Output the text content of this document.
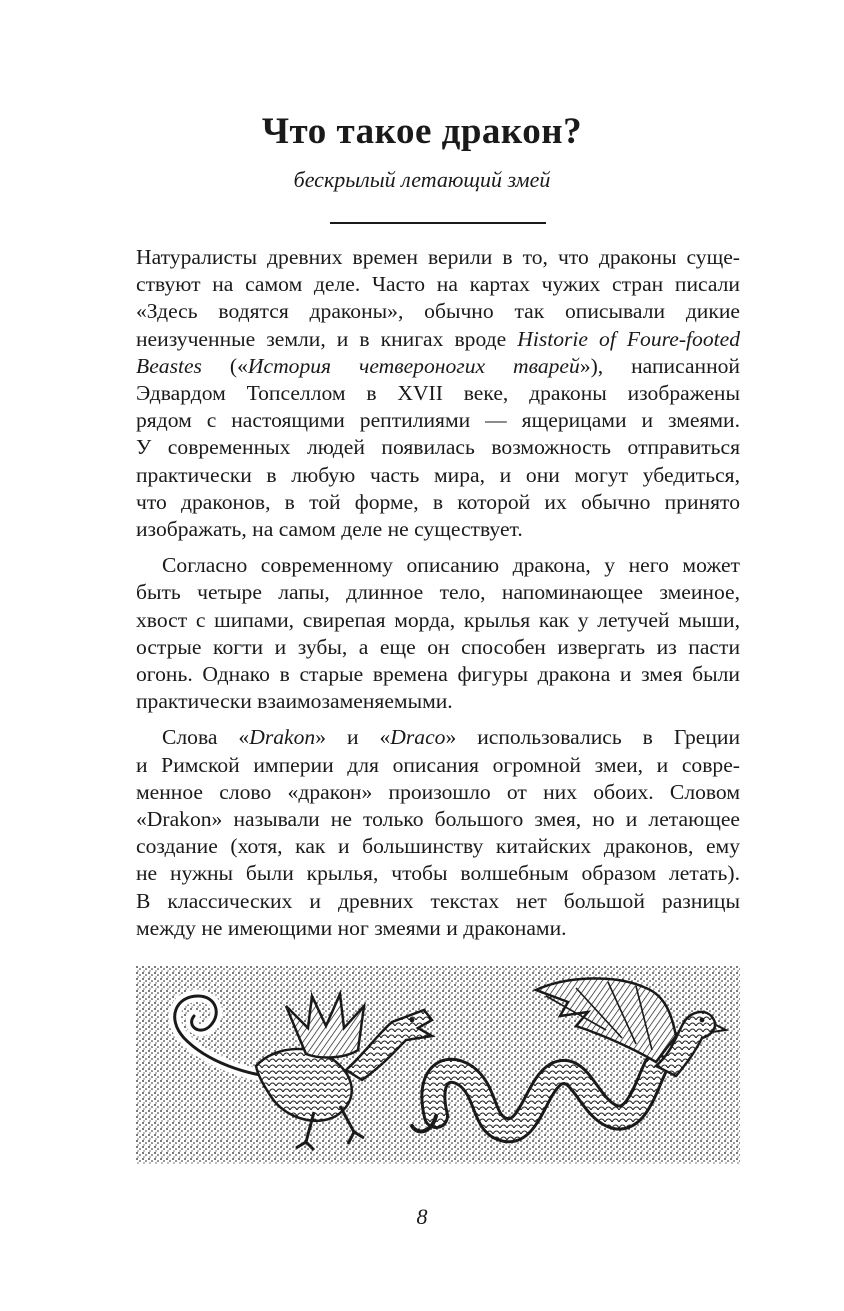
Что такое дракон?
бескрылый летающий змей

Натуралисты древних времен верили в то, что драконы суще-
ствуют на самом деле. Часто на картах чужих стран писали
«Здесь водятся драконы», обычно так описывали дикие
неизученные земли, и в книгах вроде Historie of Foure-footed
Beastes («История четвероногих тварей»), написанной
Эдвардом Топселлом в XVII веке, драконы изображены
рядом с настоящими рептилиями — ящерицами и змеями.
У современных людей появилась возможность отправиться
практически в любую часть мира, и они могут убедиться,
что драконов, в той форме, в которой их обычно принято
изображать, на самом деле не существует.

Согласно современному описанию дракона, у него может
быть четыре лапы, длинное тело, напоминающее змеиное,
хвост с шипами, свирепая морда, крылья как у летучей мыши,
острые когти и зубы, а еще он способен извергать из пасти
огонь. Однако в старые времена фигуры дракона и змея были
практически взаимозаменяемыми.

Слова «Drakon» и «Draco» использовались в Греции
и Римской империи для описания огромной змеи, и совре-
менное слово «дракон» произошло от них обоих. Словом
«Drakon» называли не только большого змея, но и летающее
создание (хотя, как и большинству китайских драконов, ему
не нужны были крылья, чтобы волшебным образом летать).
В классических и древних текстах нет большой разницы
между не имеющими ног змеями и драконами.

8
